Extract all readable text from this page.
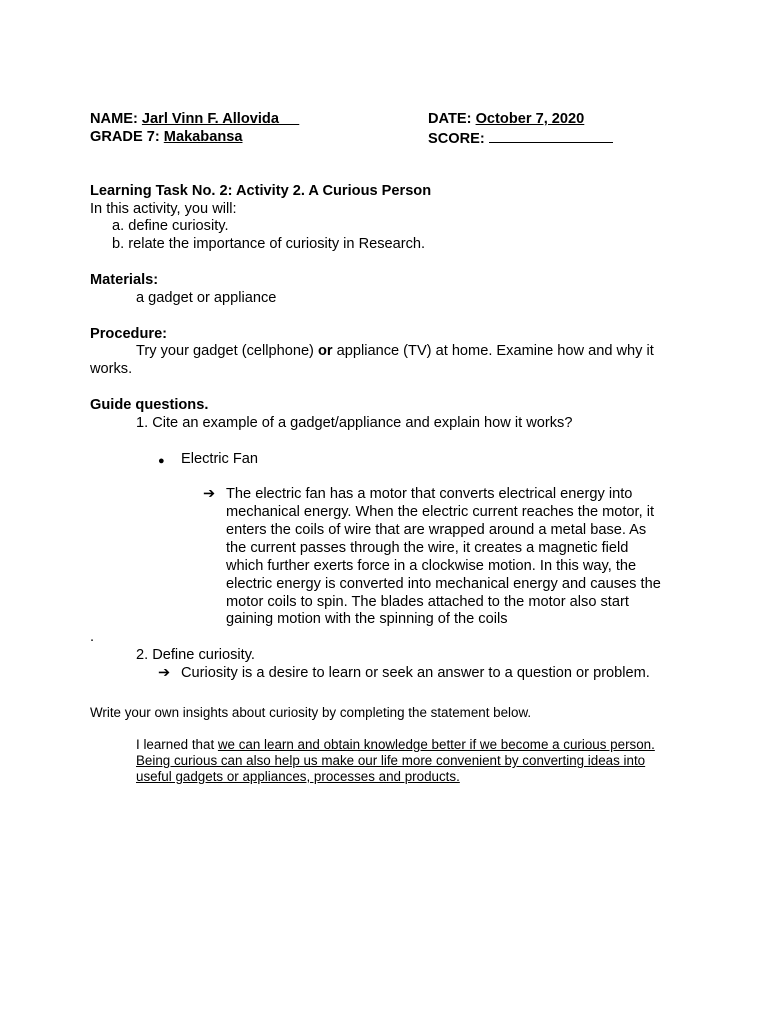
NAME: Jarl Vinn F. Allovida	DATE: October 7, 2020
GRADE 7: Makabansa	SCORE:
Learning Task No. 2: Activity 2. A Curious Person
In this activity, you will:
a. define curiosity.
b. relate the importance of curiosity in Research.
Materials:
a gadget or appliance
Procedure:
Try your gadget (cellphone) or appliance (TV) at home. Examine how and why it
works.
Guide questions.
1. Cite an example of a gadget/appliance and explain how it works?
● Electric Fan
➔ The electric fan has a motor that converts electrical energy into
mechanical energy. When the electric current reaches the motor, it
enters the coils of wire that are wrapped around a metal base. As
the current passes through the wire, it creates a magnetic field
which further exerts force in a clockwise motion. In this way, the
electric energy is converted into mechanical energy and causes the
motor coils to spin. The blades attached to the motor also start
gaining motion with the spinning of the coils
.
2. Define curiosity.
➔ Curiosity is a desire to learn or seek an answer to a question or problem.
Write your own insights about curiosity by completing the statement below.
I learned that we can learn and obtain knowledge better if we become a curious person.
Being curious can also help us make our life more convenient by converting ideas into
useful gadgets or appliances, processes and products.
